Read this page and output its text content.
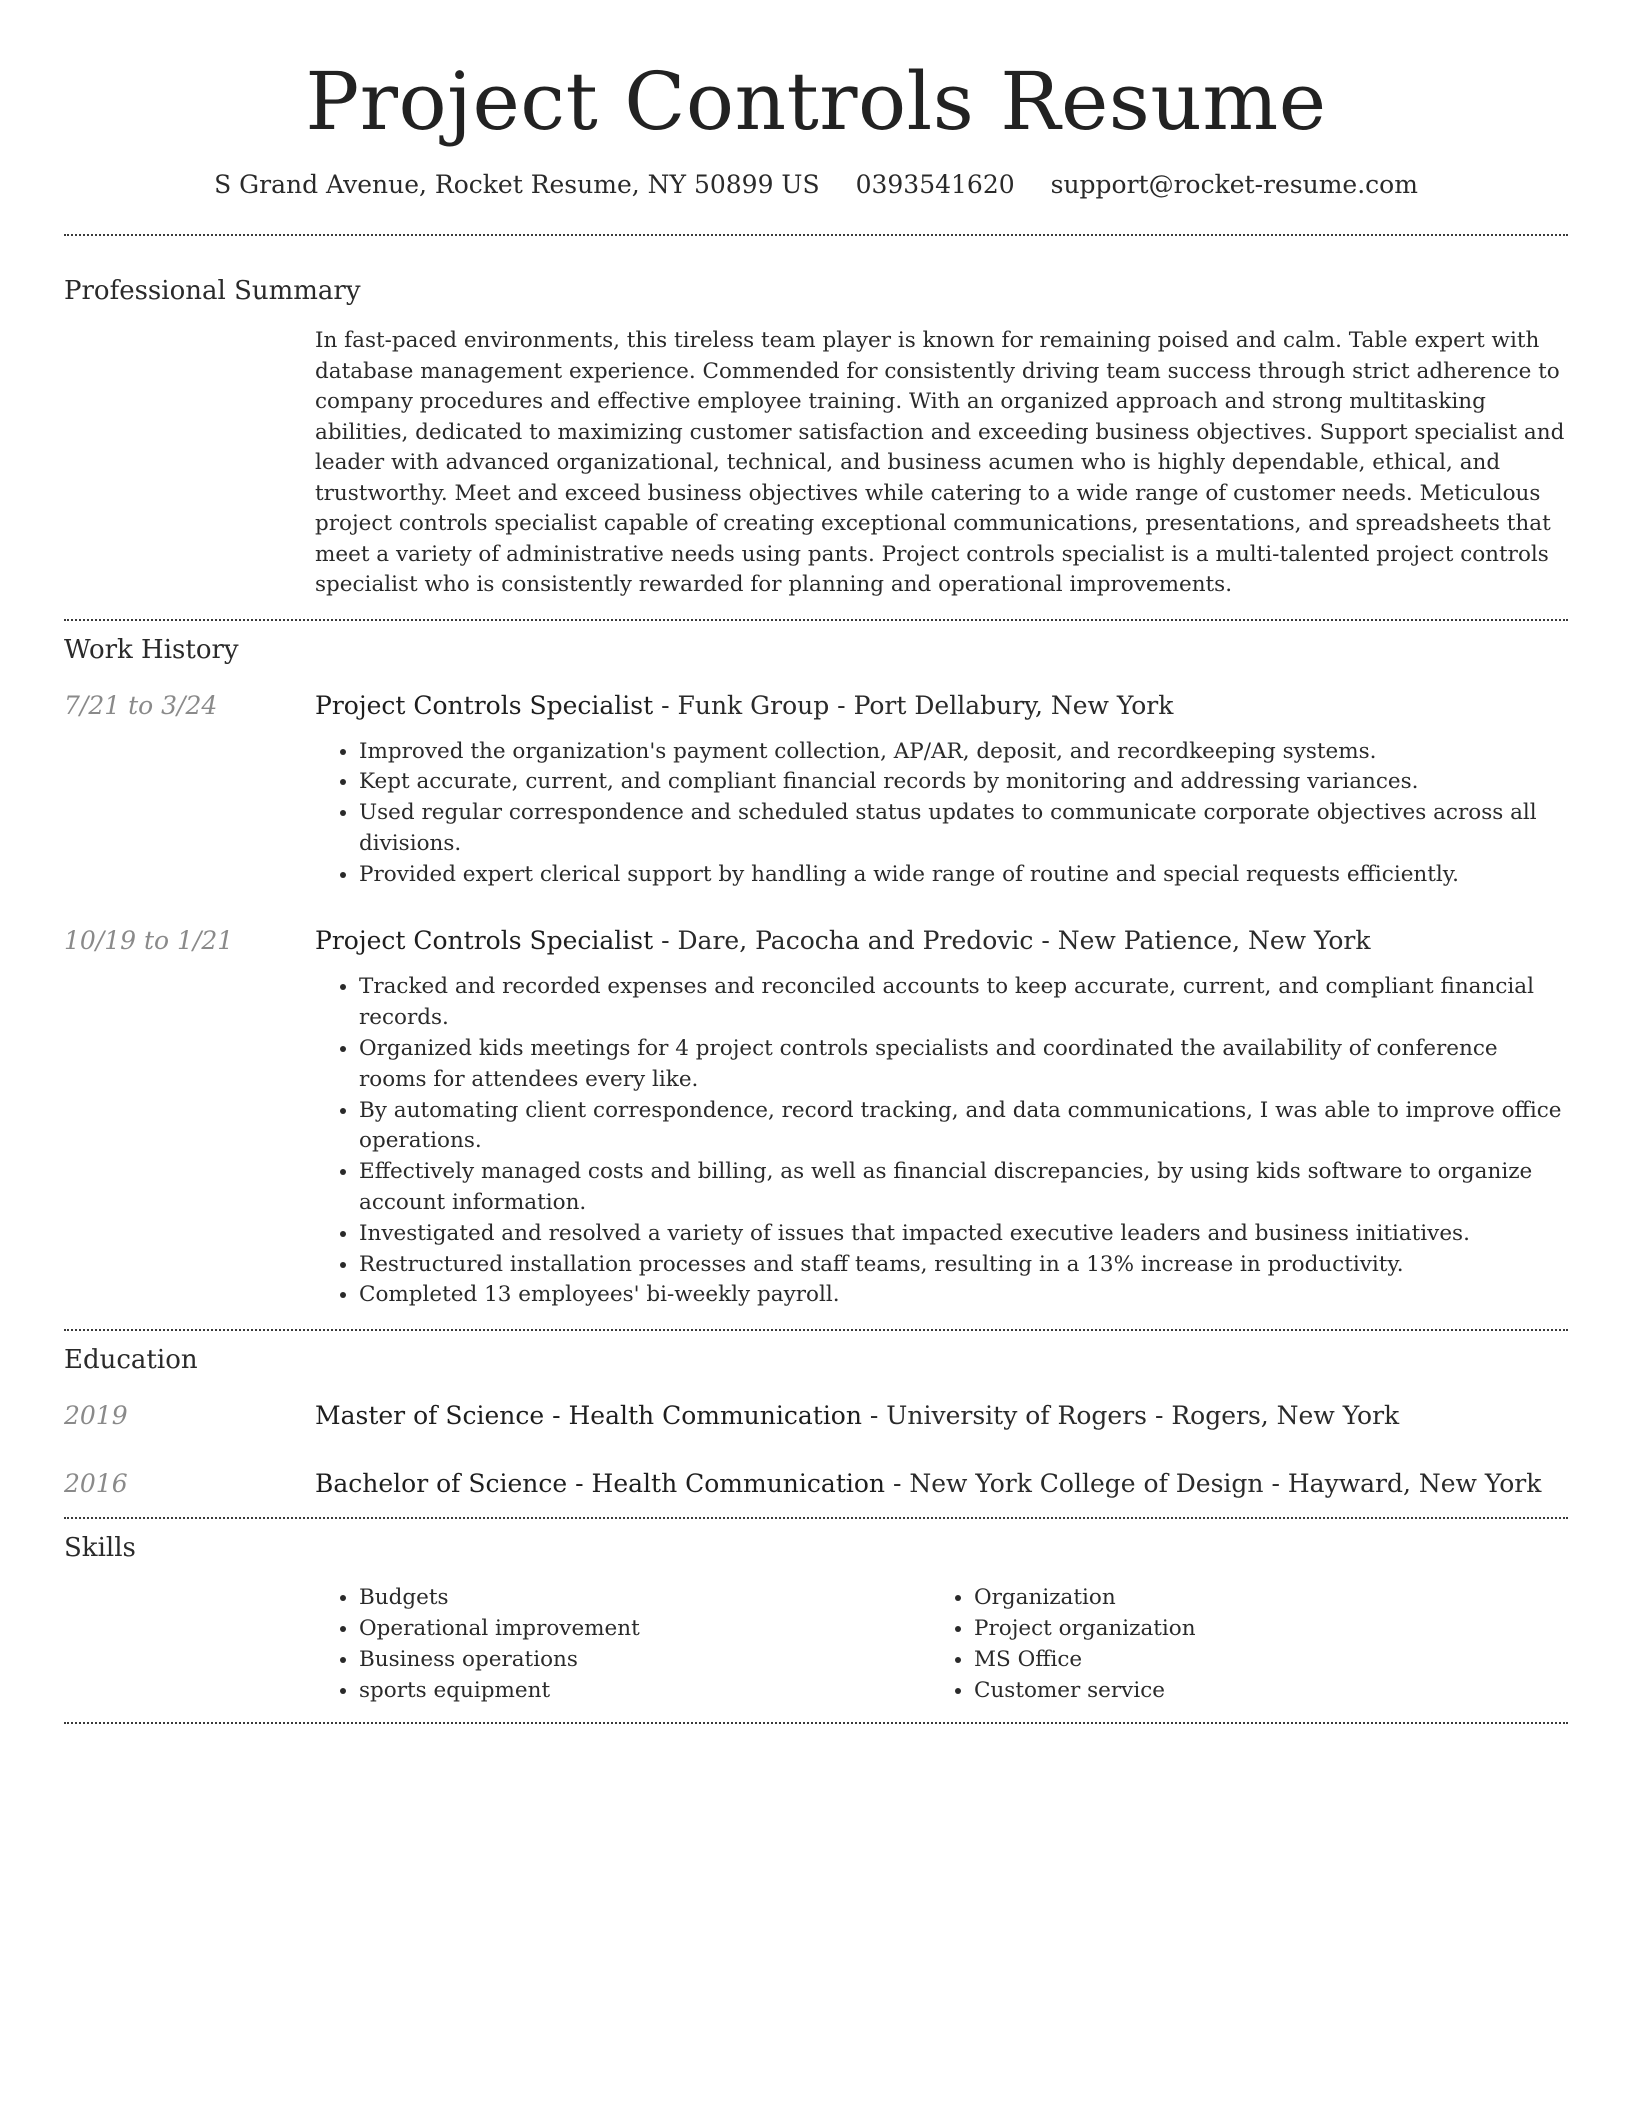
Project Controls Resume
S Grand Avenue, Rocket Resume, NY 50899 US 0393541620 support@rocket-resume.com
Professional Summary
In fast-paced environments, this tireless team player is known for remaining poised and calm. Table expert with database management experience. Commended for consistently driving team success through strict adherence to company procedures and effective employee training. With an organized approach and strong multitasking abilities, dedicated to maximizing customer satisfaction and exceeding business objectives. Support specialist and leader with advanced organizational, technical, and business acumen who is highly dependable, ethical, and trustworthy. Meet and exceed business objectives while catering to a wide range of customer needs. Meticulous project controls specialist capable of creating exceptional communications, presentations, and spreadsheets that meet a variety of administrative needs using pants. Project controls specialist is a multi-talented project controls specialist who is consistently rewarded for planning and operational improvements.
Work History
7/21 to 3/24	Project Controls Specialist - Funk Group - Port Dellabury, New York
• Improved the organization's payment collection, AP/AR, deposit, and recordkeeping systems.
• Kept accurate, current, and compliant financial records by monitoring and addressing variances.
• Used regular correspondence and scheduled status updates to communicate corporate objectives across all divisions.
• Provided expert clerical support by handling a wide range of routine and special requests efficiently.
10/19 to 1/21	Project Controls Specialist - Dare, Pacocha and Predovic - New Patience, New York
• Tracked and recorded expenses and reconciled accounts to keep accurate, current, and compliant financial records.
• Organized kids meetings for 4 project controls specialists and coordinated the availability of conference rooms for attendees every like.
• By automating client correspondence, record tracking, and data communications, I was able to improve office operations.
• Effectively managed costs and billing, as well as financial discrepancies, by using kids software to organize account information.
• Investigated and resolved a variety of issues that impacted executive leaders and business initiatives.
• Restructured installation processes and staff teams, resulting in a 13% increase in productivity.
• Completed 13 employees' bi-weekly payroll.
Education
2019	Master of Science - Health Communication - University of Rogers - Rogers, New York
2016	Bachelor of Science - Health Communication - New York College of Design - Hayward, New York
Skills
• Budgets
• Operational improvement
• Business operations
• sports equipment
• Organization
• Project organization
• MS Office
• Customer service
